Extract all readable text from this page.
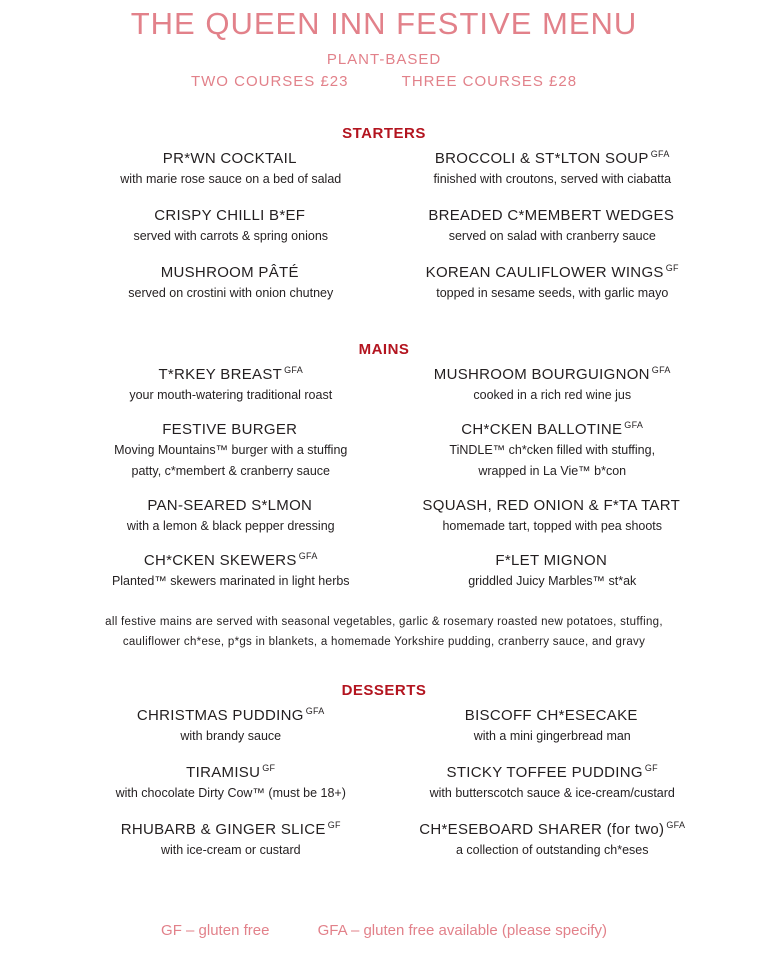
THE QUEEN INN FESTIVE MENU
PLANT-BASED
TWO COURSES £23	THREE COURSES £28
STARTERS
PR*WN COCKTAIL
with marie rose sauce on a bed of salad
BROCCOLI & ST*LTON SOUP $^{GFA}$
finished with croutons, served with ciabatta
CRISPY CHILLI B*EF
served with carrots & spring onions
BREADED C*MEMBERT WEDGES
served on salad with cranberry sauce
MUSHROOM PÂTÉ
served on crostini with onion chutney
KOREAN CAULIFLOWER WINGS $^{GF}$
topped in sesame seeds, with garlic mayo
MAINS
T*RKEY BREAST $^{GFA}$
your mouth-watering traditional roast
MUSHROOM BOURGUIGNON $^{GFA}$
cooked in a rich red wine jus
FESTIVE BURGER
Moving Mountains™ burger with a stuffing
patty, c*membert & cranberry sauce
CH*CKEN BALLOTINE $^{GFA}$
TiNDLE™ ch*cken filled with stuffing,
wrapped in La Vie™ b*con
PAN-SEARED S*LMON
with a lemon & black pepper dressing
SQUASH, RED ONION & F*TA TART
homemade tart, topped with pea shoots
CH*CKEN SKEWERS $^{GFA}$
Planted™ skewers marinated in light herbs
F*LET MIGNON
griddled Juicy Marbles™ st*ak
all festive mains are served with seasonal vegetables, garlic & rosemary roasted new potatoes, stuffing,
cauliflower ch*ese, p*gs in blankets, a homemade Yorkshire pudding, cranberry sauce, and gravy
DESSERTS
CHRISTMAS PUDDING $^{GFA}$
with brandy sauce
BISCOFF CH*ESECAKE
with a mini gingerbread man
TIRAMISU $^{GF}$
with chocolate Dirty Cow™ (must be 18+)
STICKY TOFFEE PUDDING $^{GF}$
with butterscotch sauce & ice-cream/custard
RHUBARB & GINGER SLICE $^{GF}$
with ice-cream or custard
CH*ESEBOARD SHARER (for two) $^{GFA}$
a collection of outstanding ch*eses
GF – gluten free	GFA – gluten free available (please specify)
